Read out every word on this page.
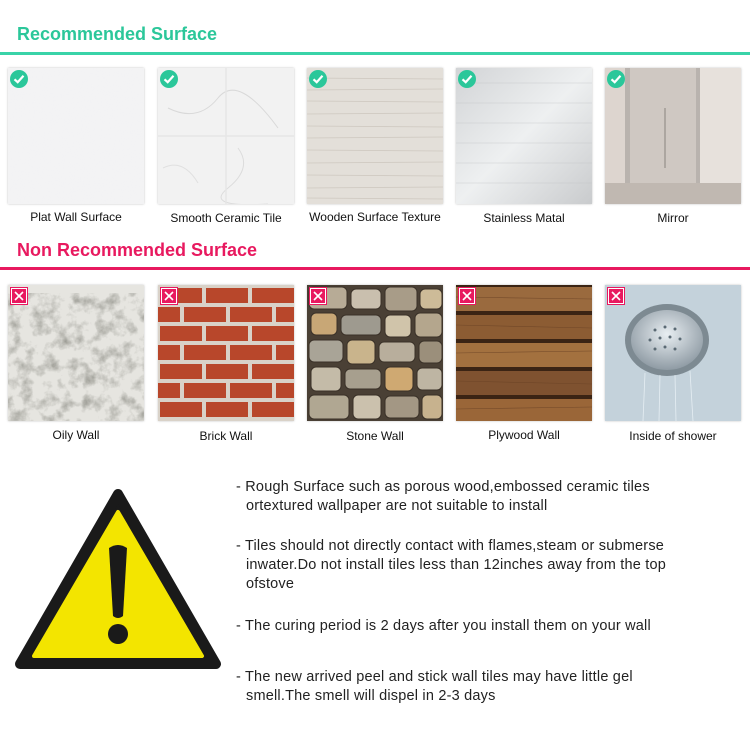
Recommended Surface
Plat Wall Surface	Smooth Ceramic Tile	Wooden Surface Texture	Stainless Matal	Mirror
Non Recommended Surface
Oily Wall	Brick Wall	Stone Wall	Plywood Wall	Inside of shower
- Rough Surface such as porous wood,embossed ceramic tiles
ortextured wallpaper are not suitable to install
- Tiles should not directly contact with flames,steam or submerse
inwater.Do not install tiles less than 12inches away from the top
ofstove
- The curing period is 2 days after you install them on your wall
- The new arrived peel and stick wall tiles may have little gel
smell.The smell will dispel in 2-3 days
